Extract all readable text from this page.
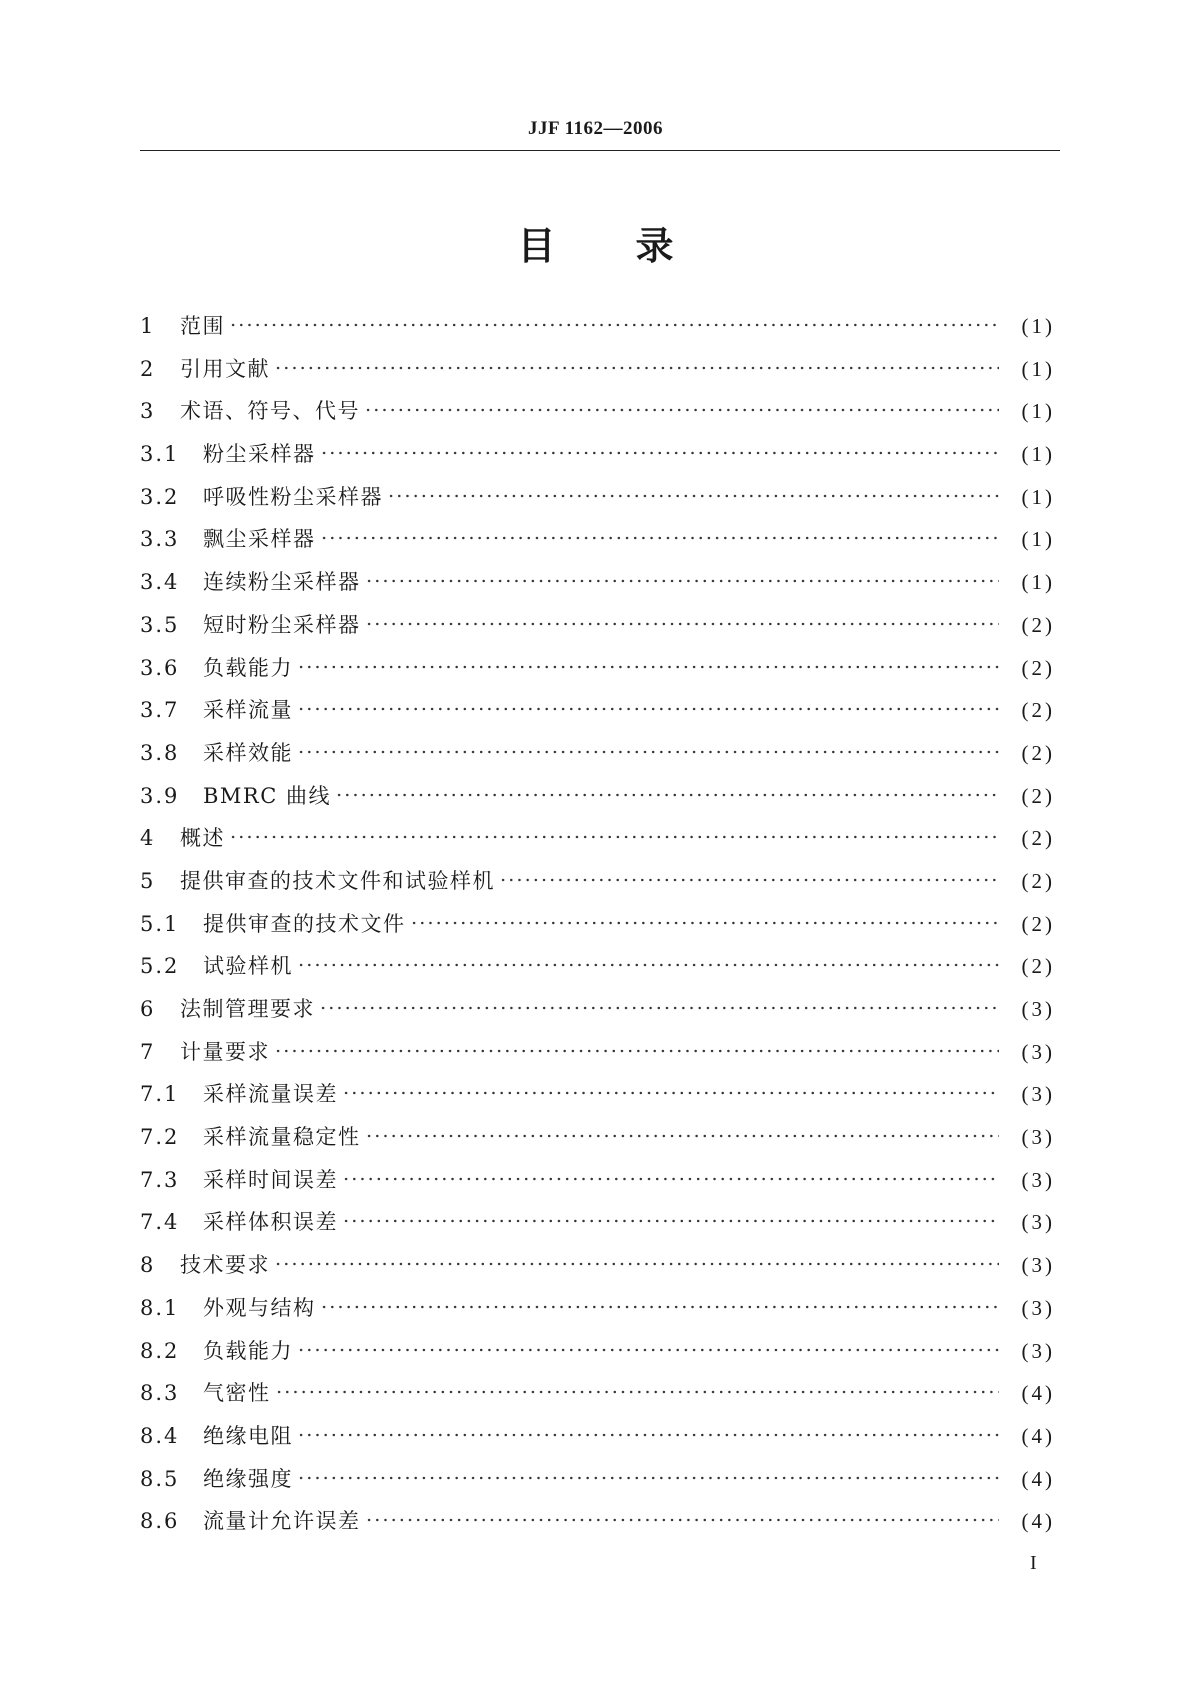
JJF 1162—2006
目 录
1	范围	(1)
2	引用文献	(1)
3	术语、符号、代号	(1)
3.1	粉尘采样器	(1)
3.2	呼吸性粉尘采样器	(1)
3.3	飘尘采样器	(1)
3.4	连续粉尘采样器	(1)
3.5	短时粉尘采样器	(2)
3.6	负载能力	(2)
3.7	采样流量	(2)
3.8	采样效能	(2)
3.9	BMRC 曲线	(2)
4	概述	(2)
5	提供审查的技术文件和试验样机	(2)
5.1	提供审查的技术文件	(2)
5.2	试验样机	(2)
6	法制管理要求	(3)
7	计量要求	(3)
7.1	采样流量误差	(3)
7.2	采样流量稳定性	(3)
7.3	采样时间误差	(3)
7.4	采样体积误差	(3)
8	技术要求	(3)
8.1	外观与结构	(3)
8.2	负载能力	(3)
8.3	气密性	(4)
8.4	绝缘电阻	(4)
8.5	绝缘强度	(4)
8.6	流量计允许误差	(4)
I
